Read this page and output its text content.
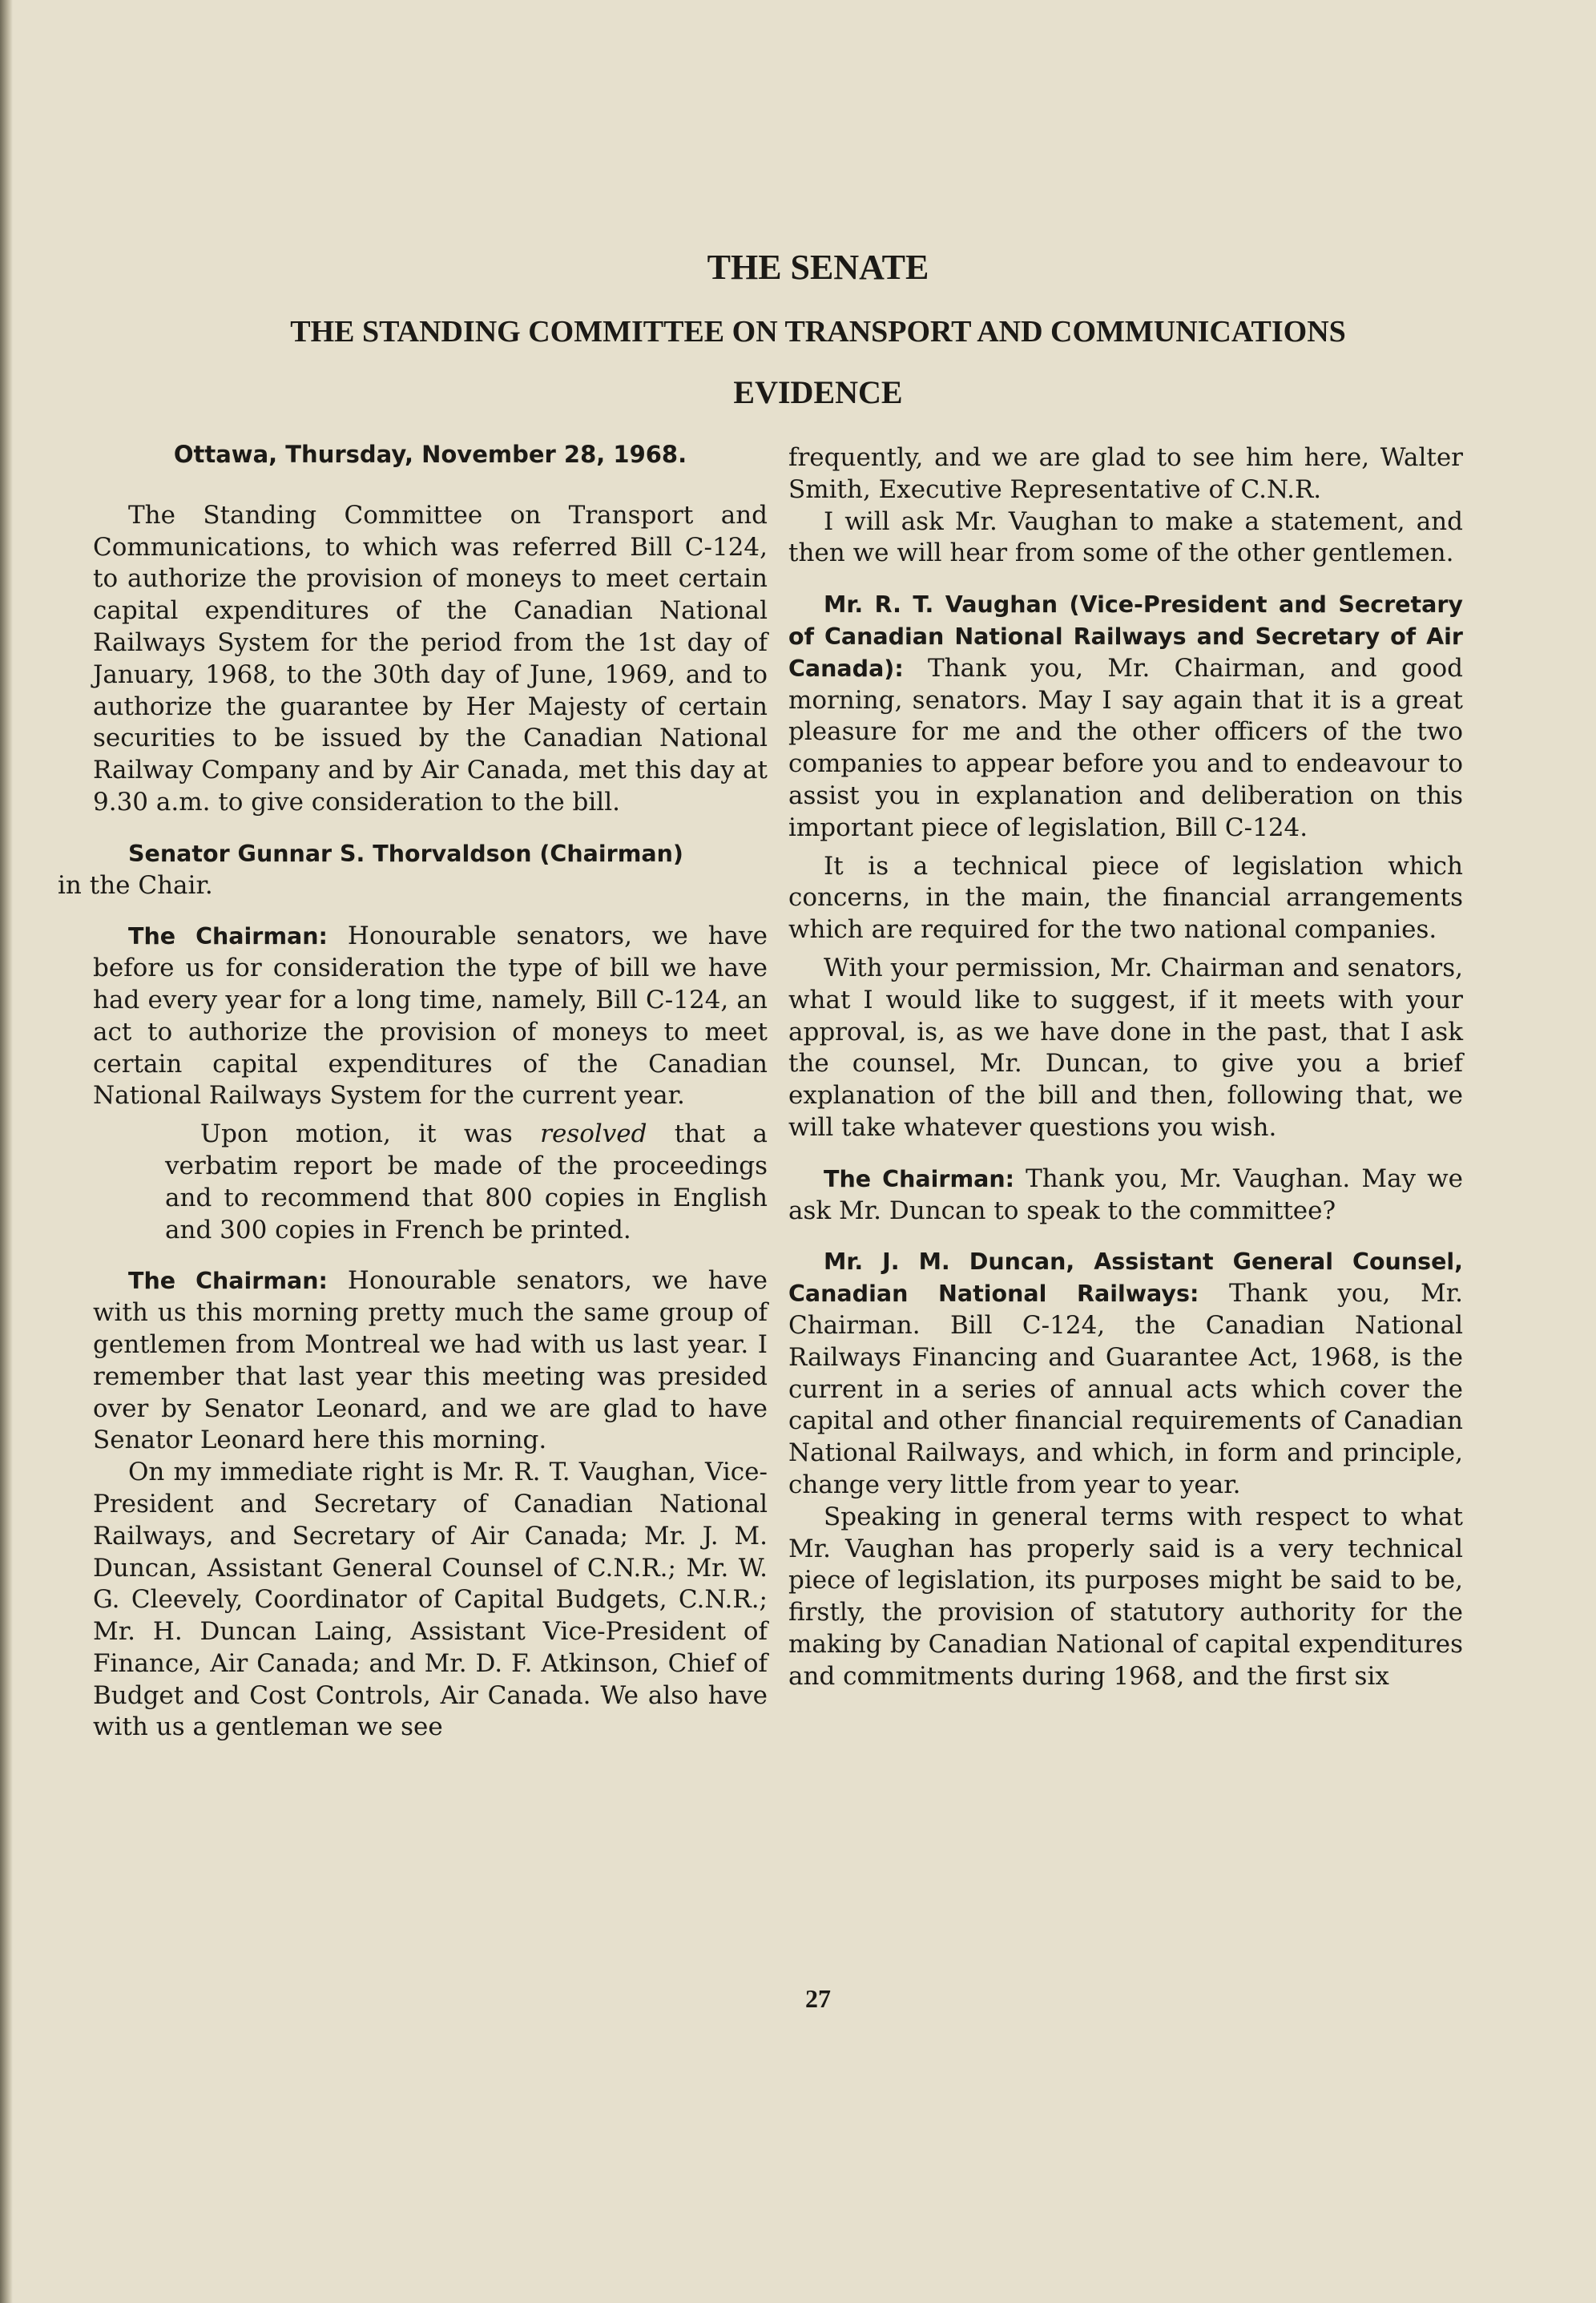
THE SENATE
THE STANDING COMMITTEE ON TRANSPORT AND COMMUNICATIONS
EVIDENCE

Ottawa, Thursday, November 28, 1968.

The Standing Committee on Transport and Communications, to which was referred Bill C-124, to authorize the provision of moneys to meet certain capital expenditures of the Canadian National Railways System for the period from the 1st day of January, 1968, to the 30th day of June, 1969, and to authorize the guarantee by Her Majesty of certain securities to be issued by the Canadian National Railway Company and by Air Canada, met this day at 9.30 a.m. to give consideration to the bill.

Senator Gunnar S. Thorvaldson (Chairman)
in the Chair.

The Chairman: Honourable senators, we have before us for consideration the type of bill we have had every year for a long time, namely, Bill C-124, an act to authorize the provision of moneys to meet certain capital expenditures of the Canadian National Railways System for the current year.

Upon motion, it was resolved that a verbatim report be made of the proceedings and to recommend that 800 copies in English and 300 copies in French be printed.

The Chairman: Honourable senators, we have with us this morning pretty much the same group of gentlemen from Montreal we had with us last year. I remember that last year this meeting was presided over by Senator Leonard, and we are glad to have Senator Leonard here this morning.

On my immediate right is Mr. R. T. Vaughan, Vice-President and Secretary of Canadian National Railways, and Secretary of Air Canada; Mr. J. M. Duncan, Assistant General Counsel of C.N.R.; Mr. W. G. Cleevely, Coordinator of Capital Budgets, C.N.R.; Mr. H. Duncan Laing, Assistant Vice-President of Finance, Air Canada; and Mr. D. F. Atkinson, Chief of Budget and Cost Controls, Air Canada. We also have with us a gentleman we see

frequently, and we are glad to see him here, Walter Smith, Executive Representative of C.N.R.

I will ask Mr. Vaughan to make a statement, and then we will hear from some of the other gentlemen.

Mr. R. T. Vaughan (Vice-President and Secretary of Canadian National Railways and Secretary of Air Canada): Thank you, Mr. Chairman, and good morning, senators. May I say again that it is a great pleasure for me and the other officers of the two companies to appear before you and to endeavour to assist you in explanation and deliberation on this important piece of legislation, Bill C-124.

It is a technical piece of legislation which concerns, in the main, the financial arrangements which are required for the two national companies.

With your permission, Mr. Chairman and senators, what I would like to suggest, if it meets with your approval, is, as we have done in the past, that I ask the counsel, Mr. Duncan, to give you a brief explanation of the bill and then, following that, we will take whatever questions you wish.

The Chairman: Thank you, Mr. Vaughan. May we ask Mr. Duncan to speak to the committee?

Mr. J. M. Duncan, Assistant General Counsel, Canadian National Railways: Thank you, Mr. Chairman. Bill C-124, the Canadian National Railways Financing and Guarantee Act, 1968, is the current in a series of annual acts which cover the capital and other financial requirements of Canadian National Railways, and which, in form and principle, change very little from year to year.

Speaking in general terms with respect to what Mr. Vaughan has properly said is a very technical piece of legislation, its purposes might be said to be, firstly, the provision of statutory authority for the making by Canadian National of capital expenditures and commitments during 1968, and the first six

27
